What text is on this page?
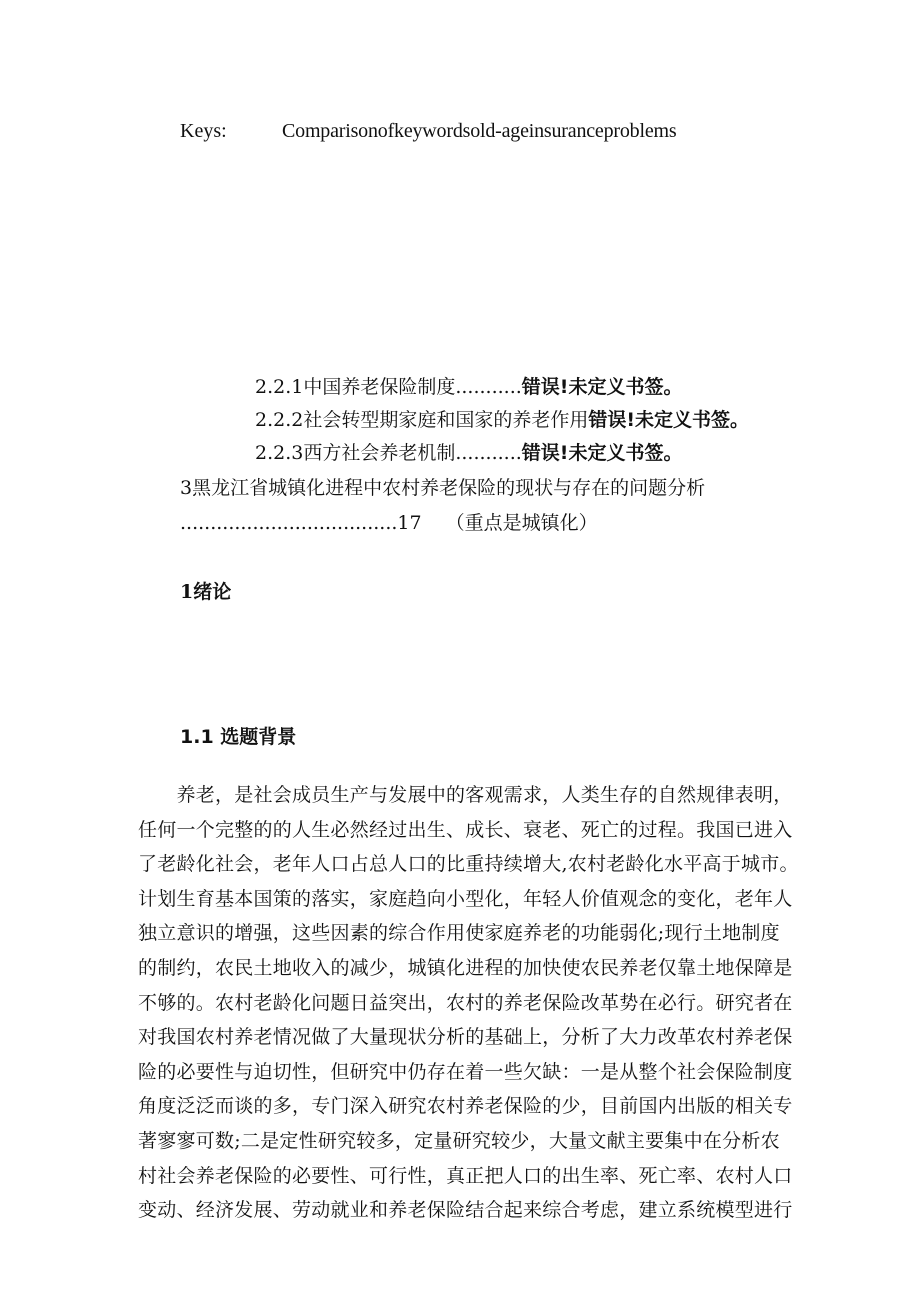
Keys:	Comparisonofkeywordsold-ageinsuranceproblems
2.2.1中国养老保险制度...........错误!未定义书签。
2.2.2社会转型期家庭和国家的养老作用错误!未定义书签。
2.2.3西方社会养老机制...........错误!未定义书签。
3黑龙江省城镇化进程中农村养老保险的现状与存在的问题分析
....................................17 （重点是城镇化）
1绪论
1.1 选题背景

　　养老，是社会成员生产与发展中的客观需求，人类生存的自然规律表明，

任何一个完整的的人生必然经过出生、成长、衰老、死亡的过程。我国已进入

了老龄化社会，老年人口占总人口的比重持续增大,农村老龄化水平高于城市。

计划生育基本国策的落实，家庭趋向小型化，年轻人价值观念的变化，老年人

独立意识的增强，这些因素的综合作用使家庭养老的功能弱化;现行土地制度

的制约，农民土地收入的减少，城镇化进程的加快使农民养老仅靠土地保障是

不够的。农村老龄化问题日益突出，农村的养老保险改革势在必行。研究者在

对我国农村养老情况做了大量现状分析的基础上，分析了大力改革农村养老保

险的必要性与迫切性，但研究中仍存在着一些欠缺：一是从整个社会保险制度

角度泛泛而谈的多，专门深入研究农村养老保险的少，目前国内出版的相关专

著寥寥可数;二是定性研究较多，定量研究较少，大量文献主要集中在分析农

村社会养老保险的必要性、可行性，真正把人口的出生率、死亡率、农村人口

变动、经济发展、劳动就业和养老保险结合起来综合考虑，建立系统模型进行
